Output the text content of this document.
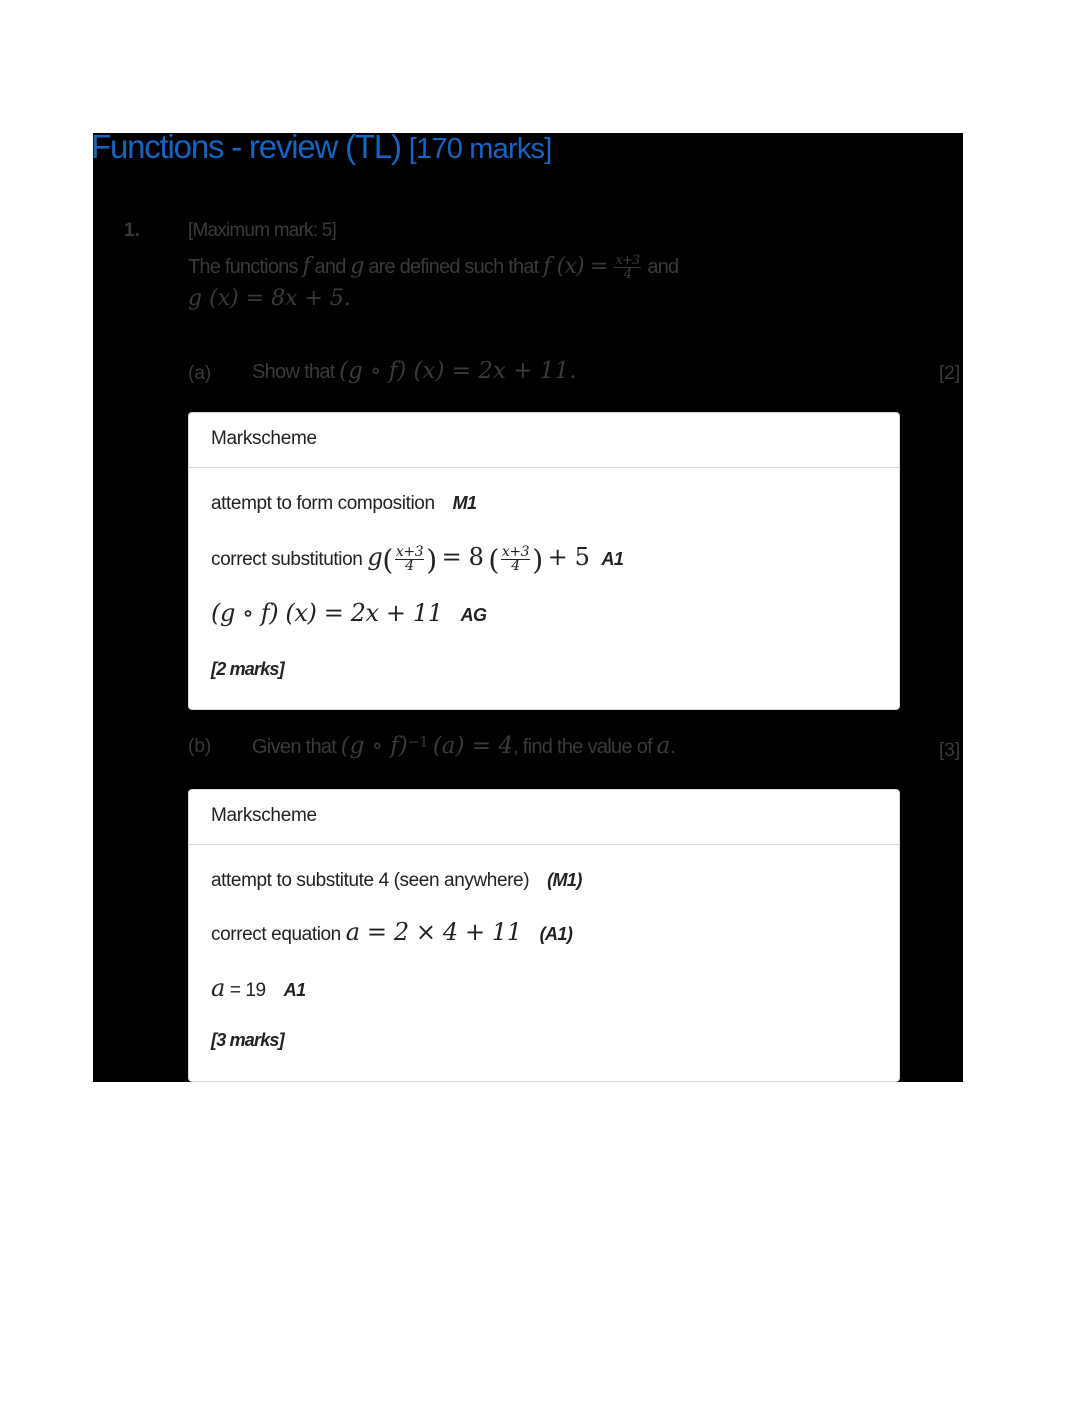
Functions - review (TL) [170 marks]
1.	[Maximum mark: 5]
The functions f and g are defined such that f $(x) = \frac{x+3}{4}$ and
g (x) = 8x + 5.
(a) Show that (g ∘ f) (x) = 2x + 11.	[2]
Markscheme
attempt to form composition M1
correct substitution $g( \frac{x+3}{4}$ ) = 8 ( $\frac{x+3}{4}$ ) + 5 A1
(g ∘ f) (x) = 2x + 11 AG
[2 marks]
(b) Given that (g ∘ f)$^{-1}$ (a) = 4, find the value of a.	[3]
Markscheme
attempt to substitute 4 (seen anywhere) (M1)
correct equation a = 2 × 4 + 11 (A1)
a = 19 A1
[3 marks]
